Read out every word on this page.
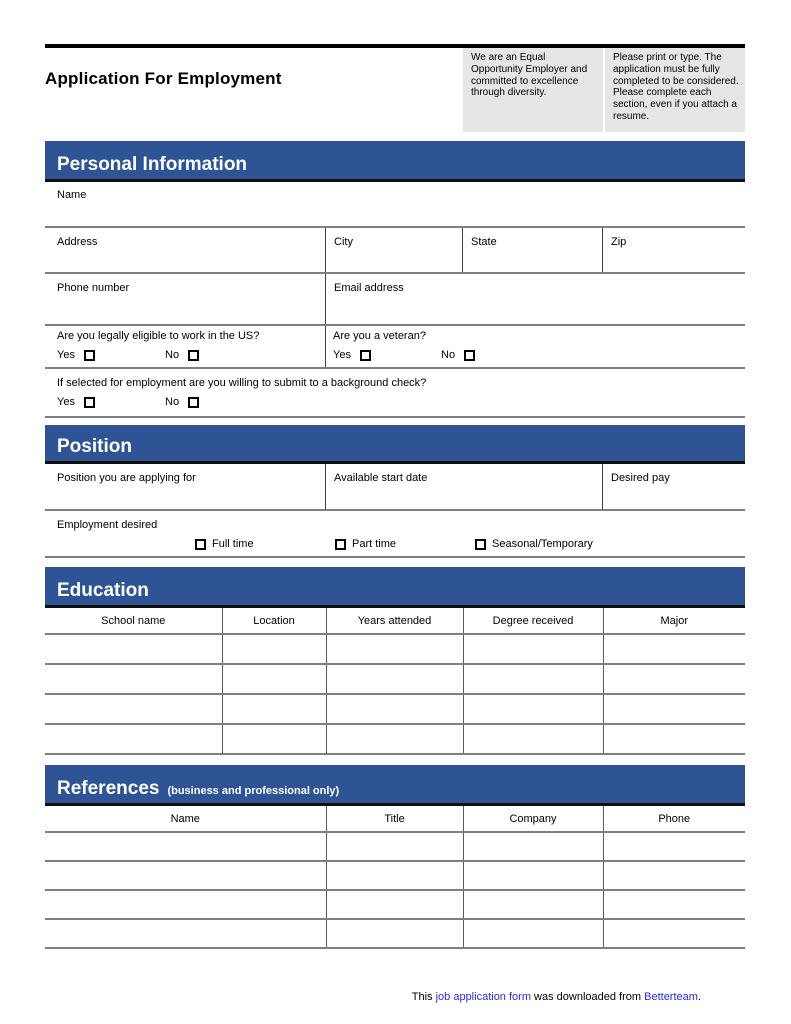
Application For Employment
We are an Equal Opportunity Employer and committed to excellence through diversity.
Please print or type. The application must be fully completed to be considered. Please complete each section, even if you attach a resume.
Personal Information
Name
Address	City	State	Zip
Phone number	Email address
Are you legally eligible to work in the US?
Yes	No
Are you a veteran?
Yes	No
If selected for employment are you willing to submit to a background check?
Yes	No
Position
Position you are applying for	Available start date	Desired pay
Employment desired
Full time	Part time	Seasonal/Temporary
Education
School name	Location	Years attended	Degree received	Major

References (business and professional only)
Name	Title	Company	Phone

This job application form was downloaded from Betterteam.
